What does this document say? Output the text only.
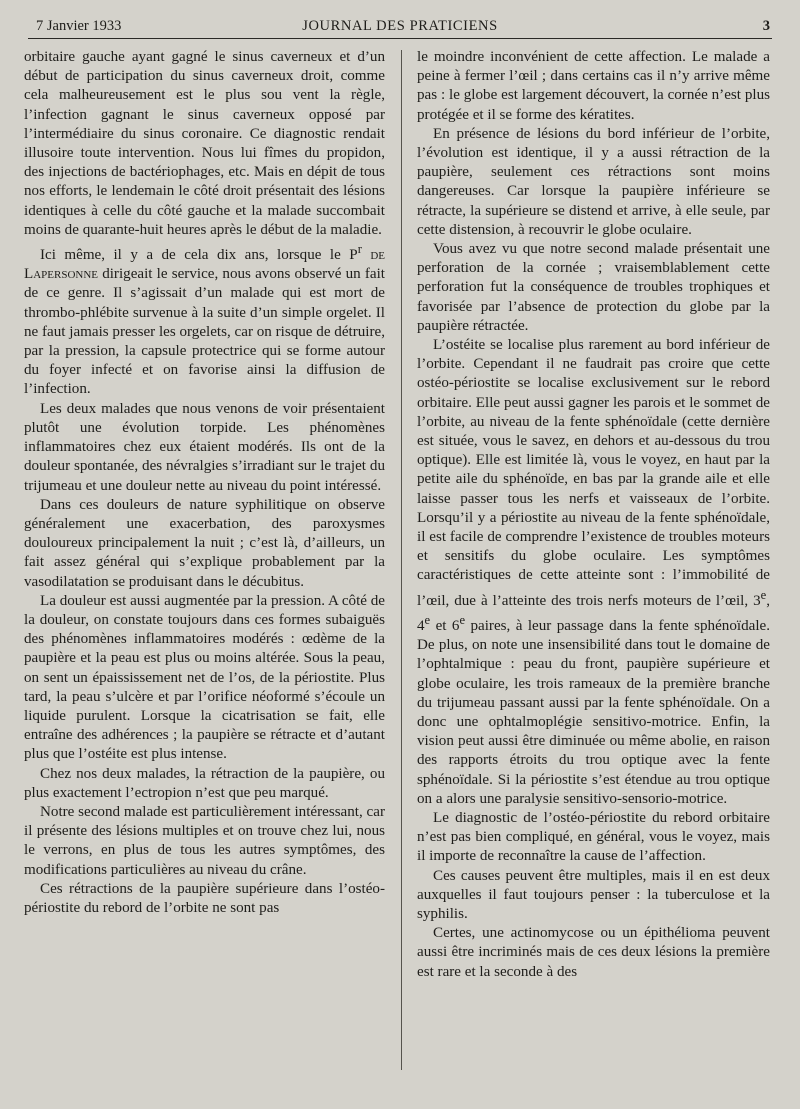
7 Janvier 1933	JOURNAL DES PRATICIENS	3

orbitaire gauche ayant gagné le sinus caverneux et d’un début de participation du sinus caverneux droit, comme cela malheureusement est le plus sou vent la règle, l’infection gagnant le sinus caverneux opposé par l’intermédiaire du sinus coronaire. Ce diagnostic rendait illusoire toute intervention. Nous lui fîmes du propidon, des injections de bactériophages, etc. Mais en dépit de tous nos efforts, le lendemain le côté droit présentait des lésions identiques à celle du côté gauche et la malade succombait moins de quarante-huit heures après le début de la maladie.

Ici même, il y a de cela dix ans, lorsque le $P^r$ de Lapersonne dirigeait le service, nous avons observé un fait de ce genre. Il s’agissait d’un malade qui est mort de thrombo-phlébite survenue à la suite d’un simple orgelet. Il ne faut jamais presser les orgelets, car on risque de détruire, par la pression, la capsule protectrice qui se forme autour du foyer infecté et on favorise ainsi la diffusion de l’infection.

Les deux malades que nous venons de voir présentaient plutôt une évolution torpide. Les phénomènes inflammatoires chez eux étaient modérés. Ils ont de la douleur spontanée, des névralgies s’irradiant sur le trajet du trijumeau et une douleur nette au niveau du point intéressé.

Dans ces douleurs de nature syphilitique on observe généralement une exacerbation, des paroxysmes douloureux principalement la nuit ; c’est là, d’ailleurs, un fait assez général qui s’explique probablement par la vasodilatation se produisant dans le décubitus.

La douleur est aussi augmentée par la pression. A côté de la douleur, on constate toujours dans ces formes subaiguës des phénomènes inflammatoires modérés : œdème de la paupière et la peau est plus ou moins altérée. Sous la peau, on sent un épaississement net de l’os, de la périostite. Plus tard, la peau s’ulcère et par l’orifice néoformé s’écoule un liquide purulent. Lorsque la cicatrisation se fait, elle entraîne des adhérences ; la paupière se rétracte et d’autant plus que l’ostéite est plus intense.

Chez nos deux malades, la rétraction de la paupière, ou plus exactement l’ectropion n’est que peu marqué.

Notre second malade est particulièrement intéressant, car il présente des lésions multiples et on trouve chez lui, nous le verrons, en plus de tous les autres symptômes, des modifications particulières au niveau du crâne.

Ces rétractions de la paupière supérieure dans l’ostéo-périostite du rebord de l’orbite ne sont pas

le moindre inconvénient de cette affection. Le malade a peine à fermer l’œil ; dans certains cas il n’y arrive même pas : le globe est largement découvert, la cornée n’est plus protégée et il se forme des kératites.

En présence de lésions du bord inférieur de l’orbite, l’évolution est identique, il y a aussi rétraction de la paupière, seulement ces rétractions sont moins dangereuses. Car lorsque la paupière inférieure se rétracte, la supérieure se distend et arrive, à elle seule, par cette distension, à recouvrir le globe oculaire.

Vous avez vu que notre second malade présentait une perforation de la cornée ; vraisemblablement cette perforation fut la conséquence de troubles trophiques et favorisée par l’absence de protection du globe par la paupière rétractée.

L’ostéite se localise plus rarement au bord inférieur de l’orbite. Cependant il ne faudrait pas croire que cette ostéo-périostite se localise exclusivement sur le rebord orbitaire. Elle peut aussi gagner les parois et le sommet de l’orbite, au niveau de la fente sphénoïdale (cette dernière est située, vous le savez, en dehors et au-dessous du trou optique). Elle est limitée là, vous le voyez, en haut par la petite aile du sphénoïde, en bas par la grande aile et elle laisse passer tous les nerfs et vaisseaux de l’orbite. Lorsqu’il y a périostite au niveau de la fente sphénoïdale, il est facile de comprendre l’existence de troubles moteurs et sensitifs du globe oculaire. Les symptômes caractéristiques de cette atteinte sont : l’immobilité de l’œil, due à l’atteinte des trois nerfs moteurs de l’œil, 3e, 4e et 6e paires, à leur passage dans la fente sphénoïdale. De plus, on note une insensibilité dans tout le domaine de l’ophtalmique : peau du front, paupière supérieure et globe oculaire, les trois rameaux de la première branche du trijumeau passant aussi par la fente sphénoïdale. On a donc une ophtalmoplégie sensitivo-motrice. Enfin, la vision peut aussi être diminuée ou même abolie, en raison des rapports étroits du trou optique avec la fente sphénoïdale. Si la périostite s’est étendue au trou optique on a alors une paralysie sensitivo-sensorio-motrice.

Le diagnostic de l’ostéo-périostite du rebord orbitaire n’est pas bien compliqué, en général, vous le voyez, mais il importe de reconnaître la cause de l’affection.

Ces causes peuvent être multiples, mais il en est deux auxquelles il faut toujours penser : la tuberculose et la syphilis.

Certes, une actinomycose ou un épithélioma peuvent aussi être incriminés mais de ces deux lésions la première est rare et la seconde à des
